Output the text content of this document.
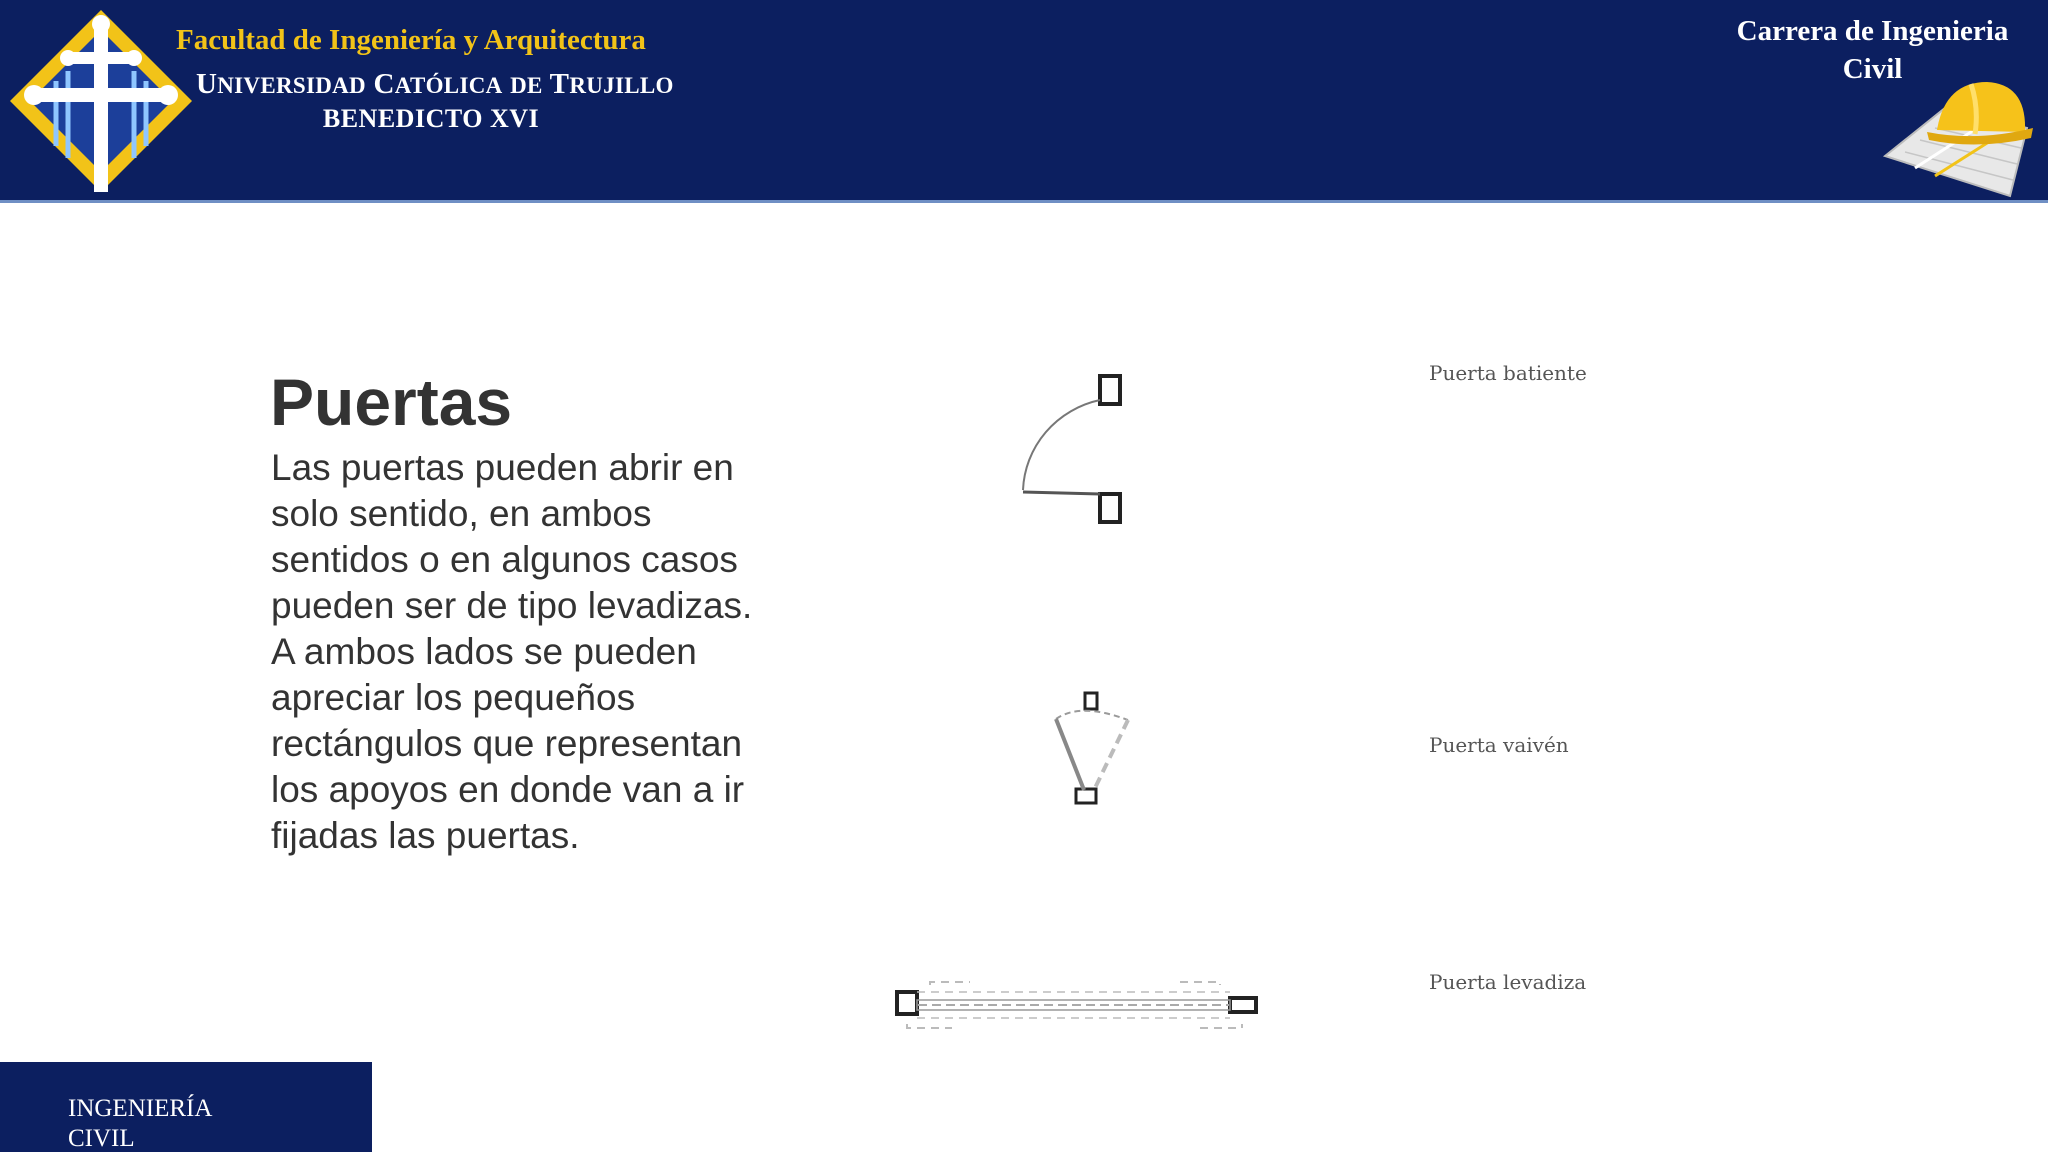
Facultad de Ingeniería y Arquitectura
UNIVERSIDAD CATÓLICA DE TRUJILLO
BENEDICTO XVI
Carrera de Ingenieria
Civil
Puertas

Las puertas pueden abrir en solo sentido, en ambos sentidos o en algunos casos pueden ser de tipo levadizas. A ambos lados se pueden apreciar los pequeños rectángulos que representan los apoyos en donde van a ir fijadas las puertas.

Puerta batiente
Puerta vaivén
Puerta levadiza
INGENIERÍA
CIVIL
